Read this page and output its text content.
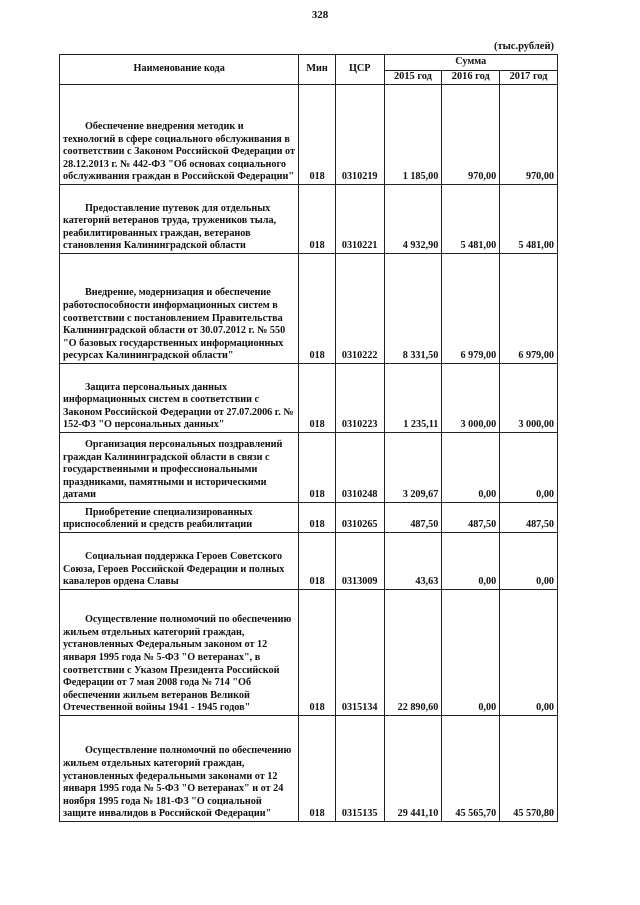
328
(тыс.рублей)
Наименование кода	Мин	ЦСР	Сумма		
			2015 год	2016 год	2017 год
Обеспечение внедрения методик и технологий в сфере социального обслуживания в соответствии с Законом Российской Федерации от 28.12.2013 г. № 442-ФЗ "Об основах социального обслуживания граждан в Российской Федерации"	018	0310219	1 185,00	970,00	970,00
Предоставление путевок для отдельных категорий ветеранов труда, тружеников тыла, реабилитированных граждан, ветеранов становления Калининградской области	018	0310221	4 932,90	5 481,00	5 481,00
Внедрение, модернизация и обеспечение работоспособности информационных систем в соответствии с постановлением Правительства Калининградской области от 30.07.2012 г. № 550 "О базовых государственных информационных ресурсах Калининградской области"	018	0310222	8 331,50	6 979,00	6 979,00
Защита персональных данных информационных систем в соответствии с Законом Российской Федерации от 27.07.2006 г. № 152-ФЗ "О персональных данных"	018	0310223	1 235,11	3 000,00	3 000,00
Организация персональных поздравлений граждан Калининградской области в связи с государственными и профессиональными праздниками, памятными и историческими датами	018	0310248	3 209,67	0,00	0,00
Приобретение специализированных приспособлений и средств реабилитации	018	0310265	487,50	487,50	487,50
Социальная поддержка Героев Советского Союза, Героев Российской Федерации и полных кавалеров ордена Славы	018	0313009	43,63	0,00	0,00
Осуществление полномочий по обеспечению жильем отдельных категорий граждан, установленных Федеральным законом от 12 января 1995 года № 5-ФЗ "О ветеранах", в соответствии с Указом Президента Российской Федерации от 7 мая 2008 года № 714 "Об обеспечении жильем ветеранов Великой Отечественной войны 1941 - 1945 годов"	018	0315134	22 890,60	0,00	0,00
Осуществление полномочий по обеспечению жильем отдельных категорий граждан, установленных федеральными законами от 12 января 1995 года № 5-ФЗ "О ветеранах" и от 24 ноября 1995 года № 181-ФЗ "О социальной защите инвалидов в Российской Федерации"	018	0315135	29 441,10	45 565,70	45 570,80
